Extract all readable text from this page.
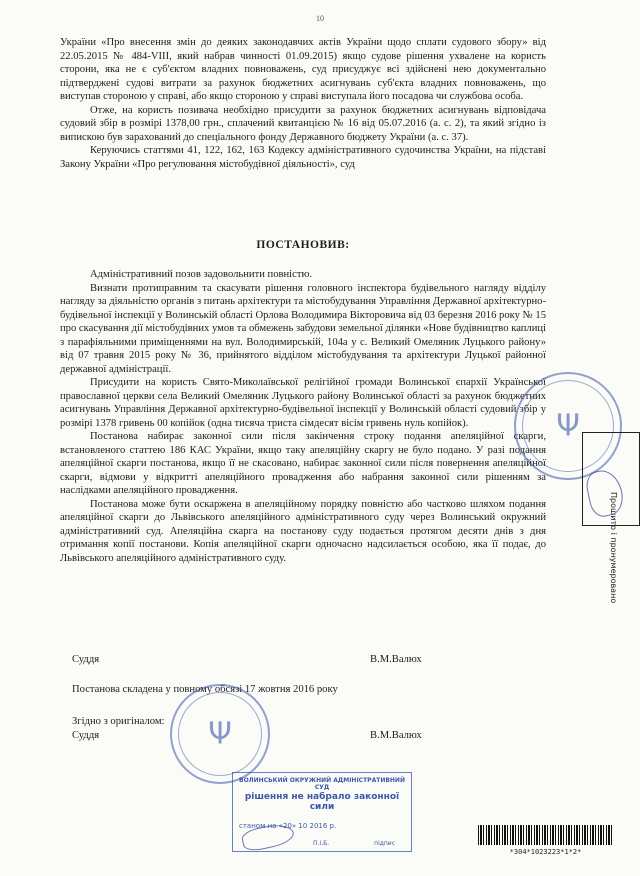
10

України «Про внесення змін до деяких законодавчих актів України щодо сплати судового збору» від 22.05.2015 № 484-VIII, який набрав чинності 01.09.2015) якщо судове рішення ухвалене на користь сторони, яка не є суб'єктом владних повноважень, суд присуджує всі здійснені нею документально підтверджені судові витрати за рахунок бюджетних асигнувань суб'єкта владних повноважень, що виступав стороною у справі, або якщо стороною у справі виступала його посадова чи службова особа.

Отже, на користь позивача необхідно присудити за рахунок бюджетних асигнувань відповідача судовий збір в розмірі 1378,00 грн., сплачений квитанцією № 16 від 05.07.2016 (а. с. 2), та який згідно із випискою був зарахований до спеціального фонду Державного бюджету України (а. с. 37).

Керуючись статтями 41, 122, 162, 163 Кодексу адміністративного судочинства України, на підставі Закону України «Про регулювання містобудівної діяльності», суд

ПОСТАНОВИВ:

Адміністративний позов задовольнити повністю.

Визнати протиправним та скасувати рішення головного інспектора будівельного нагляду відділу нагляду за діяльністю органів з питань архітектури та містобудування Управління Державної архітектурно-будівельної інспекції у Волинській області Орлова Володимира Вікторовича від 03 березня 2016 року № 15 про скасування дії містобудівних умов та обмежень забудови земельної ділянки «Нове будівництво каплиці з парафіяльними приміщеннями на вул. Володимирській, 104а у с. Великий Омеляник Луцького району» від 07 травня 2015 року № 36, прийнятого відділом містобудування та архітектури Луцької районної державної адміністрації.

Присудити на користь Свято-Миколаївської релігійної громади Волинської єпархії Української православної церкви села Великий Омеляник Луцького району Волинської області за рахунок бюджетних асигнувань Управління Державної архітектурно-будівельної інспекції у Волинській області судовий збір у розмірі 1378 гривень 00 копійок (одна тисяча триста сімдесят вісім гривень нуль копійок).

Постанова набирає законної сили після закінчення строку подання апеляційної скарги, встановленого статтею 186 КАС України, якщо таку апеляційну скаргу не було подано. У разі подання апеляційної скарги постанова, якщо її не скасовано, набирає законної сили після повернення апеляційної скарги, відмови у відкритті апеляційного провадження або набрання законної сили рішенням за наслідками апеляційного провадження.

Постанова може бути оскаржена в апеляційному порядку повністю або частково шляхом подання апеляційної скарги до Львівського апеляційного адміністративного суду через Волинський окружний адміністративний суд. Апеляційна скарга на постанову суду подається протягом десяти днів з дня отримання копії постанови. Копія апеляційної скарги одночасно надсилається особою, яка її подає, до Львівського апеляційного адміністративного суду.

Ψ
Прошито і пронумеровано
Суддя	В.М.Валюх
Постанова складена у повному обсязі 17 жовтня 2016 року
Ψ
Згідно з оригіналом:
Суддя	В.М.Валюх
ВОЛИНСЬКИЙ ОКРУЖНИЙ АДМІНІСТРАТИВНИЙ СУД
рішення не набрало законної сили
станом на «20» 10 2016 р.
П.І.Б.	підпис
*304*1023223*1*2*
